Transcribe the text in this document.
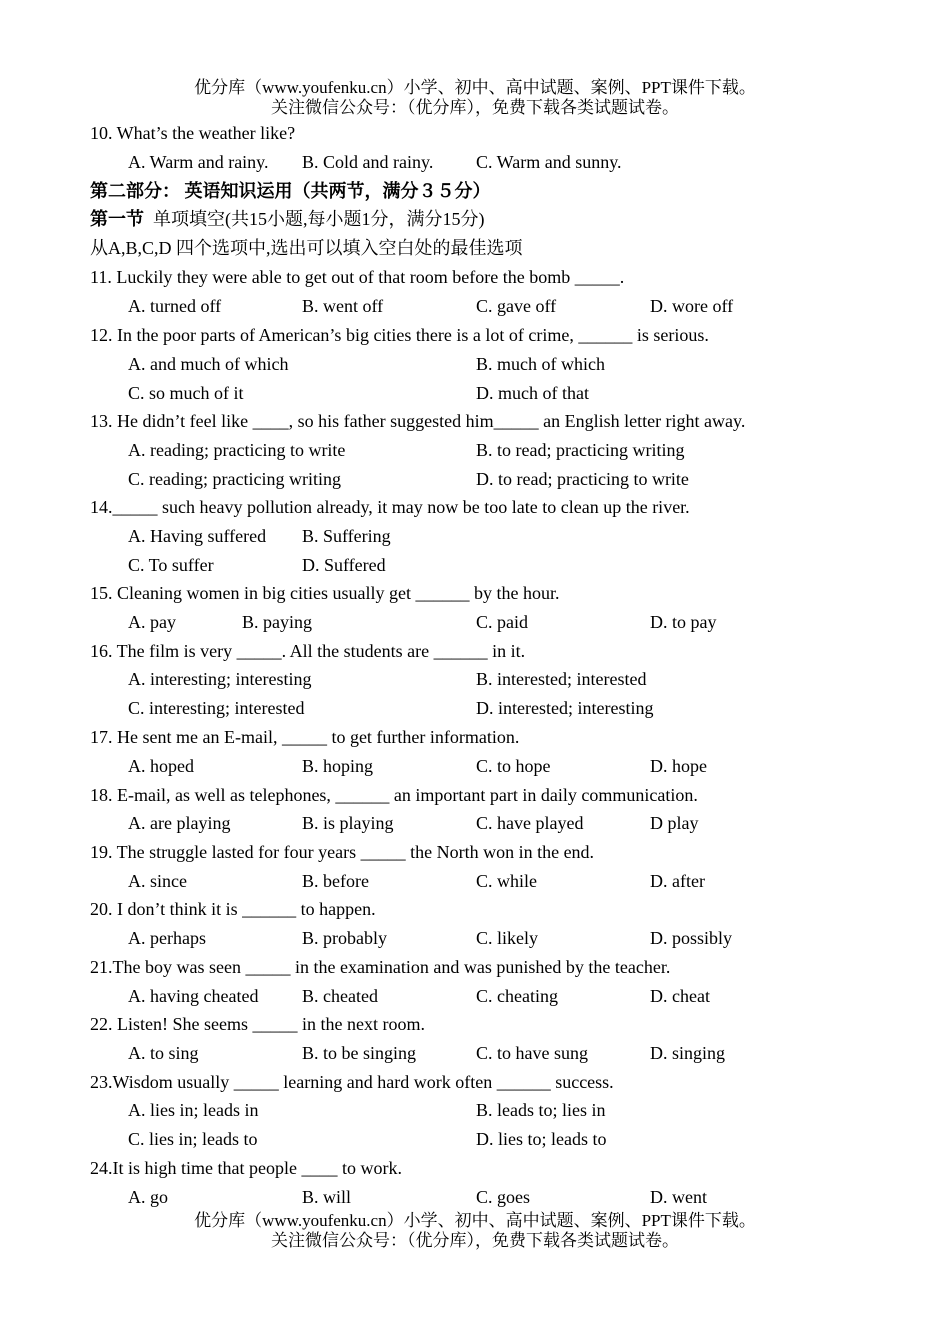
优分库（www.youfenku.cn）小学、初中、高中试题、案例、PPT课件下载。
关注微信公众号：（优分库），免费下载各类试题试卷。
10. What’s the weather like?
A. Warm and rainy. B. Cold and rainy. C. Warm and sunny.
第二部分： 英语知识运用（共两节，满分３５分）
第一节 单项填空(共15小题,每小题1分，满分15分)
从A,B,C,D 四个选项中,选出可以填入空白处的最佳选项
11. Luckily they were able to get out of that room before the bomb _____.
A. turned off	B. went off	C. gave off	D. wore off
12. In the poor parts of American’s big cities there is a lot of crime, ______ is serious.
A. and much of which	B. much of which
C. so much of it	D. much of that
13. He didn’t feel like ____, so his father suggested him_____ an English letter right away.
A. reading; practicing to write	B. to read; practicing writing
C. reading; practicing writing	D. to read; practicing to write
14._____ such heavy pollution already, it may now be too late to clean up the river.
A. Having suffered B. Suffering
C. To suffer	D. Suffered
15. Cleaning women in big cities usually get ______ by the hour.
A. pay	B. paying	C. paid	D. to pay
16. The film is very _____. All the students are ______ in it.
A. interesting; interesting	B. interested; interested
C. interesting; interested	D. interested; interesting
17. He sent me an E-mail, _____ to get further information.
A. hoped	B. hoping	C. to hope	D. hope
18. E-mail, as well as telephones, ______ an important part in daily communication.
A. are playing	B. is playing	C. have played	D play
19. The struggle lasted for four years _____ the North won in the end.
A. since	B. before	C. while	D. after
20. I don’t think it is ______ to happen.
A. perhaps	B. probably	C. likely	D. possibly
21.The boy was seen _____ in the examination and was punished by the teacher.
A. having cheated B. cheated	C. cheating	D. cheat
22. Listen! She seems _____ in the next room.
A. to sing	B. to be singing	C. to have sung	D. singing
23.Wisdom usually _____ learning and hard work often ______ success.
A. lies in; leads in	B. leads to; lies in
C. lies in; leads to	D. lies to; leads to
24.It is high time that people ____ to work.
A. go	B. will	C. goes	D. went
优分库（www.youfenku.cn）小学、初中、高中试题、案例、PPT课件下载。
关注微信公众号：（优分库），免费下载各类试题试卷。
